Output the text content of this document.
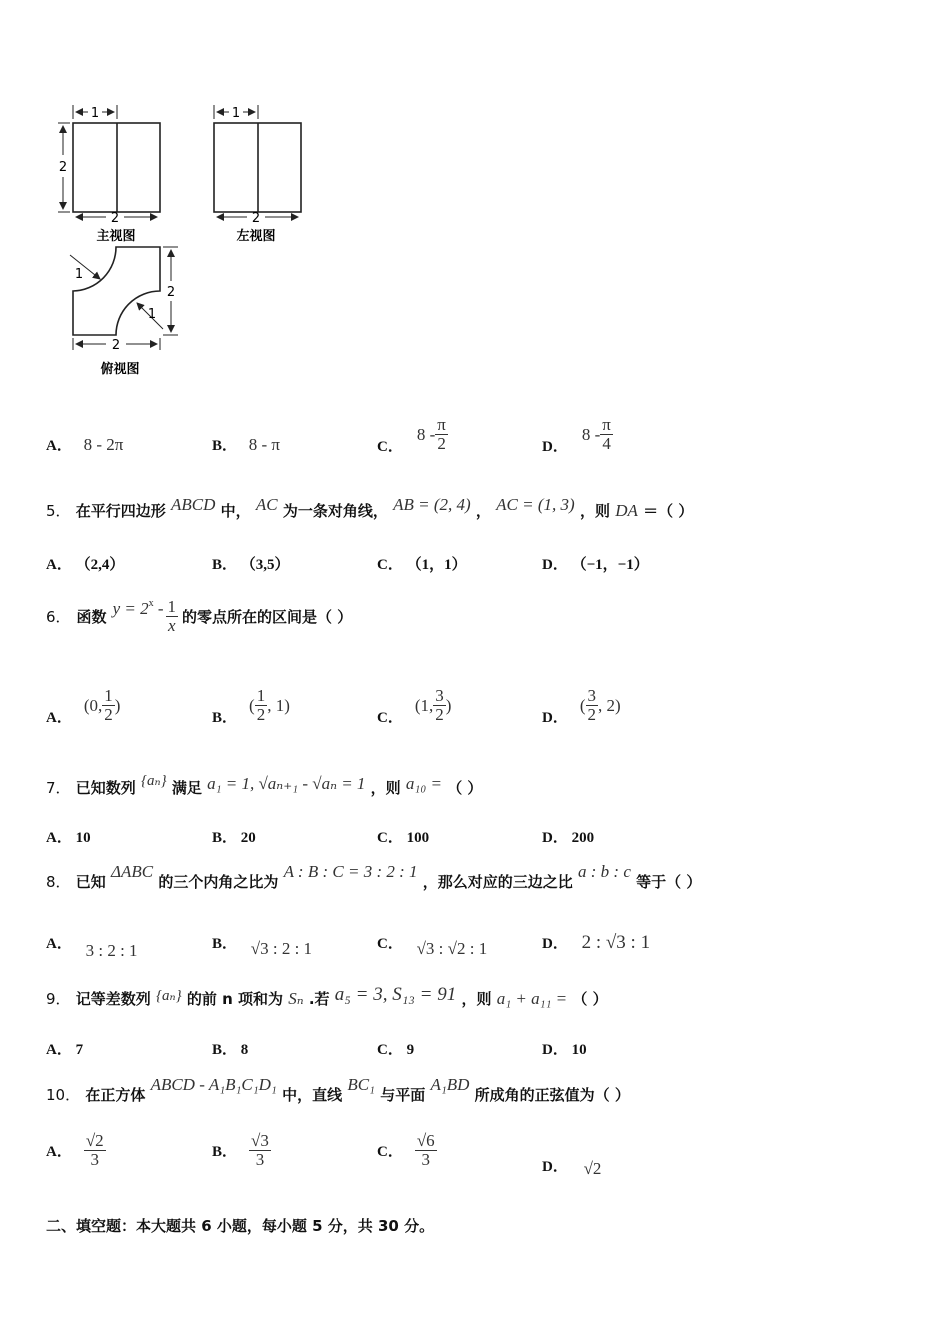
1
2
2
主视图
1
2
左视图
1
1
2
2
俯视图
A． 8 - 2π	B． 8 - π	C．
$8 - \frac{\pi}{2}$	D．
$8 - \frac{\pi}{4}$
5． 在平行四边形 ABCD 中， AC 为一条对角线， AB = (2, 4) ， AC = (1, 3) ，则 DA ＝（ ）
A． （2,4）	B． （3,5）	C． （1，1）	D． （−1，−1）
6． 函数 $y = 2^x - \frac{1}{x}$ 的零点所在的区间是（ ）
A．
(0, $\frac{1}{2}$ )
B．
( $\frac{1}{2}$ , 1)
C．
(1, $\frac{3}{2}$ )
D．
( $\frac{3}{2}$ , 2)
7． 已知数列 {aₙ} 满足 a₁ = 1, √aₙ₊₁ - √aₙ = 1 ，则 a₁₀ = （ ）
A． 10	B． 20	C． 100	D． 200
8． 已知 ΔABC 的三个内角之比为 A : B : C = 3 : 2 : 1 ，那么对应的三边之比 a : b : c 等于（ ）
A． 3 : 2 : 1	B． √3 : 2 : 1	C． √3 : √2 : 1	D． 2 : √3 : 1
9． 记等差数列 {aₙ} 的前 n 项和为 Sₙ .若 a₅ = 3, S₁₃ = 91 ，则 a₁ + a₁₁ = （ ）
A． 7	B． 8	C． 9	D． 10
10． 在正方体 ABCD - A₁B₁C₁D₁ 中，直线 BC₁ 与平面 A₁BD 所成角的正弦值为（ ）
A． $\frac{√2}{3}$	B． $\frac{√3}{3}$	C． $\frac{√6}{3}$	D． √2
二、填空题：本大题共 6 小题，每小题 5 分，共 30 分。
